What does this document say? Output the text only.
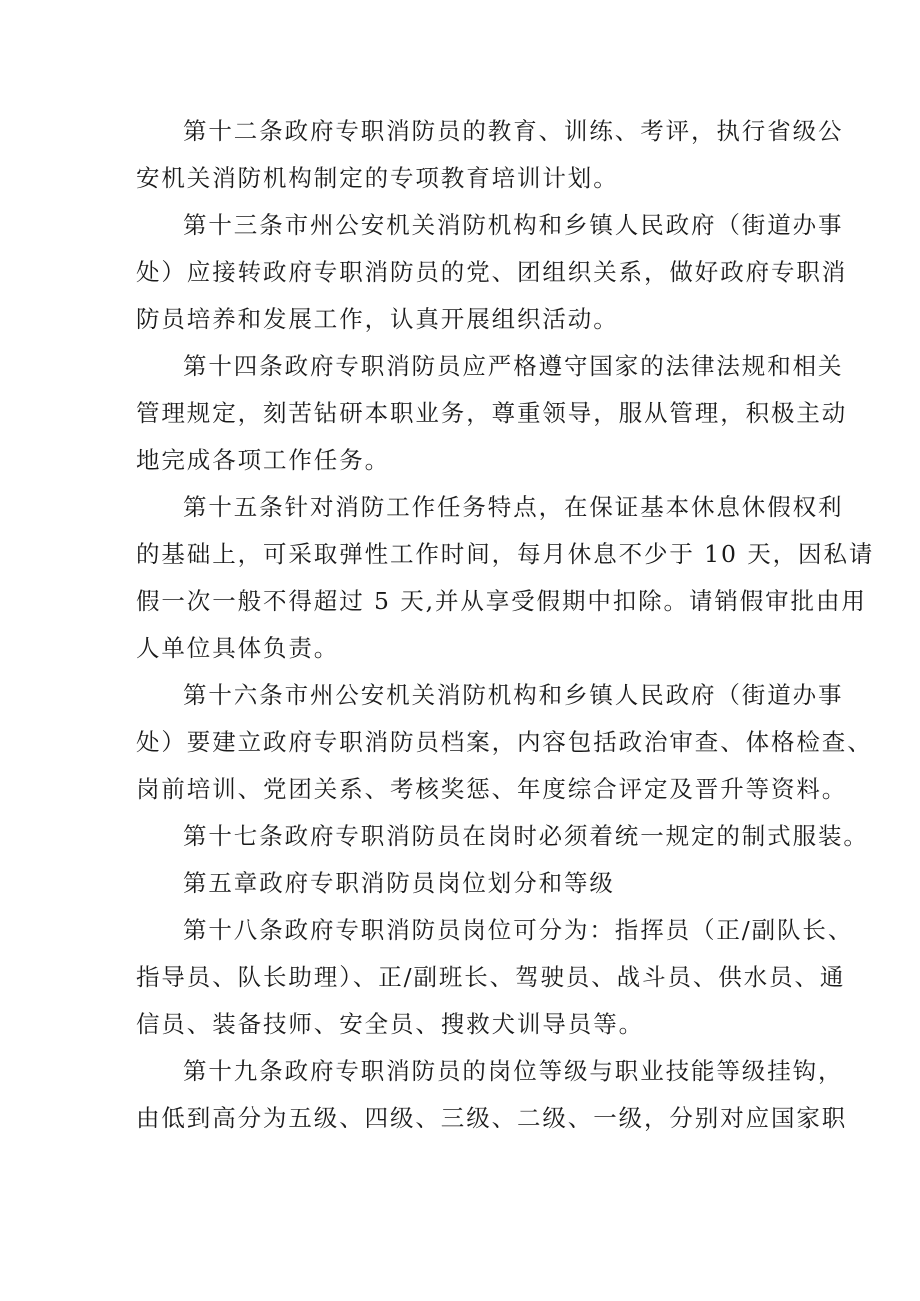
第十二条政府专职消防员的教育、训练、考评，执行省级公
安机关消防机构制定的专项教育培训计划。
第十三条市州公安机关消防机构和乡镇人民政府（街道办事
处）应接转政府专职消防员的党、团组织关系，做好政府专职消
防员培养和发展工作，认真开展组织活动。
第十四条政府专职消防员应严格遵守国家的法律法规和相关
管理规定，刻苦钻研本职业务，尊重领导，服从管理，积极主动
地完成各项工作任务。
第十五条针对消防工作任务特点，在保证基本休息休假权利
的基础上，可采取弹性工作时间，每月休息不少于 10 天，因私请
假一次一般不得超过 5 天,并从享受假期中扣除。请销假审批由用
人单位具体负责。
第十六条市州公安机关消防机构和乡镇人民政府（街道办事
处）要建立政府专职消防员档案，内容包括政治审查、体格检查、
岗前培训、党团关系、考核奖惩、年度综合评定及晋升等资料。
第十七条政府专职消防员在岗时必须着统一规定的制式服装。
第五章政府专职消防员岗位划分和等级
第十八条政府专职消防员岗位可分为：指挥员（正/副队长、
指导员、队长助理）、正/副班长、驾驶员、战斗员、供水员、通
信员、装备技师、安全员、搜救犬训导员等。
第十九条政府专职消防员的岗位等级与职业技能等级挂钩，
由低到高分为五级、四级、三级、二级、一级，分别对应国家职
